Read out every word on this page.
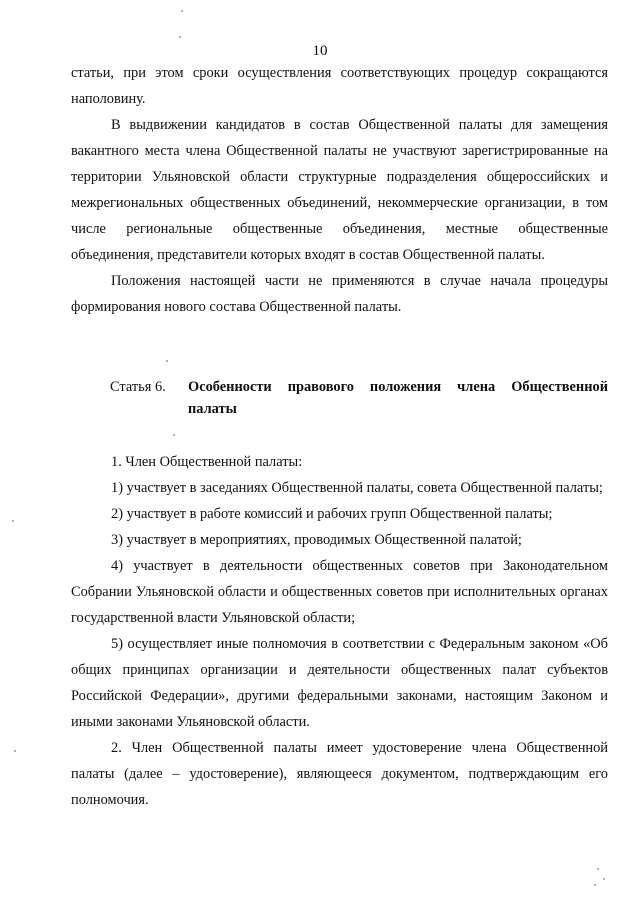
10

статьи, при этом сроки осуществления соответствующих процедур сокращаются наполовину.

В выдвижении кандидатов в состав Общественной палаты для замещения вакантного места члена Общественной палаты не участвуют зарегистрированные на территории Ульяновской области структурные подразделения общероссийских и межрегиональных общественных объединений, некоммерческие организации, в том числе региональные общественные объединения, местные общественные объединения, представители которых входят в состав Общественной палаты.

Положения настоящей части не применяются в случае начала процедуры формирования нового состава Общественной палаты.

Статья 6.	Особенности правового положения члена Общественной палаты

1. Член Общественной палаты:

1) участвует в заседаниях Общественной палаты, совета Общественной палаты;

2) участвует в работе комиссий и рабочих групп Общественной палаты;

3) участвует в мероприятиях, проводимых Общественной палатой;

4) участвует в деятельности общественных советов при Законодательном Собрании Ульяновской области и общественных советов при исполнительных органах государственной власти Ульяновской области;

5) осуществляет иные полномочия в соответствии с Федеральным законом «Об общих принципах организации и деятельности общественных палат субъектов Российской Федерации», другими федеральными законами, настоящим Законом и иными законами Ульяновской области.

2. Член Общественной палаты имеет удостоверение члена Общественной палаты (далее – удостоверение), являющееся документом, подтверждающим его полномочия.
